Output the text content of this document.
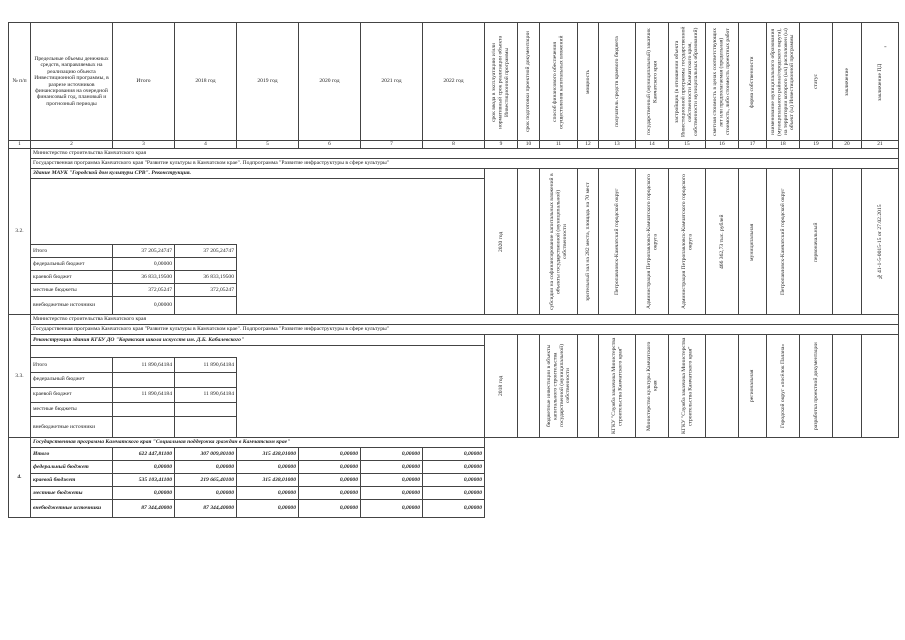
-
№ п/п	Предельные объемы денежных средств, направляемых на реализацию объекта Инвестиционной программы, в разрезе источников финансирования на очередной финансовый год, плановый и прогнозный периоды	Итого	2018 год	2019 год	2020 год	2021 год	2022 год	срок ввода в эксплуатацию и/или нормативный срок реализации объекта Инвестиционной программы	срок подготовки проектной документации	способ финансового обеспечения осуществления капитальных вложений	мощность	получатель средств краевого бюджета	государственный (муниципальный) заказчик Камчатского края	застройщик (в отношении объекта Инвестиционной программы государственной собственности Камчатского края, собственности муниципальных образований)	сметная стоимость в ценах соответствующих лет или предполагаемая (предельная) стоимость, либо стоимость проектных работ	форма собственности	наименование муниципального образования (муниципального района/городского округа), на территории которого (ых) расположен (ы) объект (ы) Инвестиционной программы	статус	заключение	заключение ПД

1	2	3	4	5	6	7	8	9	10	11	12	13	14	15	16	17	18	19	20	21
3.2.	Министерство строительства Камчатского края																			
	Государственная программа Камчатского края "Развитие культуры в Камчатском крае". Подпрограмма "Развитие инфраструктуры в сфере культуры"																			
	Здание МАУК "Городской дом культуры СРВ". Реконструкция.							2020 год		субсидии на софинансирование капитальных вложений в объекты государственной (муниципальной) собственности	зрительный зал на 282 места, площадь на 70 мест	Петропавловск-Камчатский городской округ	Администрация Петропавловск-Камчатского городского округа	Администрация Петропавловск-Камчатского городского округа	466 362,73 тыс. рублей	муниципальная	Петропавловск-Камчатский городской округ	первоначальный		№41-1-5-0015-15 от 27.02.2015

	Итого	37 205,24747	37 205,24747																	
	федеральный бюджет	0,00000																		
	краевой бюджет	36 833,19500	36 833,19500																	
	местные бюджеты	372,05247	372,05247																	
	внебюджетные источники	0,00000																		
3.3.	Министерство строительства Камчатского края																			
	Государственная программа Камчатского края "Развитие культуры в Камчатском крае". Подпрограмма "Развитие инфраструктуры в сфере культуры"																			
	Реконструкция здания КГБУ ДО "Корякская школа искусств им. Д.Б. Кабалевского"							2018 год		бюджетные инвестиции в объекты капитального строительства государственной (муниципальной) собственности		КГКУ "Служба заказчика Министерства строительства Камчатского края"	Министерство культуры Камчатского края	КГКУ "Служба заказчика Министерства строительства Камчатского края"		региональная	Городской округ «посёлок Палана»	разработка проектной документации		

	Итого	11 890,64184	11 890,64184																	
	федеральный бюджет																			
	краевой бюджет	11 890,64184	11 890,64184																	
	местные бюджеты																			
	внебюджетные источники																			
4.	Государственная программа Камчатского края "Социальная поддержка граждан в Камчатском крае"																			
	Итого	622 447,81100	307 009,80100	315 438,01000	0,00000	0,00000	0,00000													
	федеральный бюджет	0,00000	0,00000	0,00000	0,00000	0,00000	0,00000													
	краевой бюджет	535 103,41100	219 665,40100	315 438,01000	0,00000	0,00000	0,00000													
	местные бюджеты	0,00000	0,00000	0,00000	0,00000	0,00000	0,00000													
	внебюджетные источники	87 344,40000	87 344,40000	0,00000	0,00000	0,00000	0,00000													
